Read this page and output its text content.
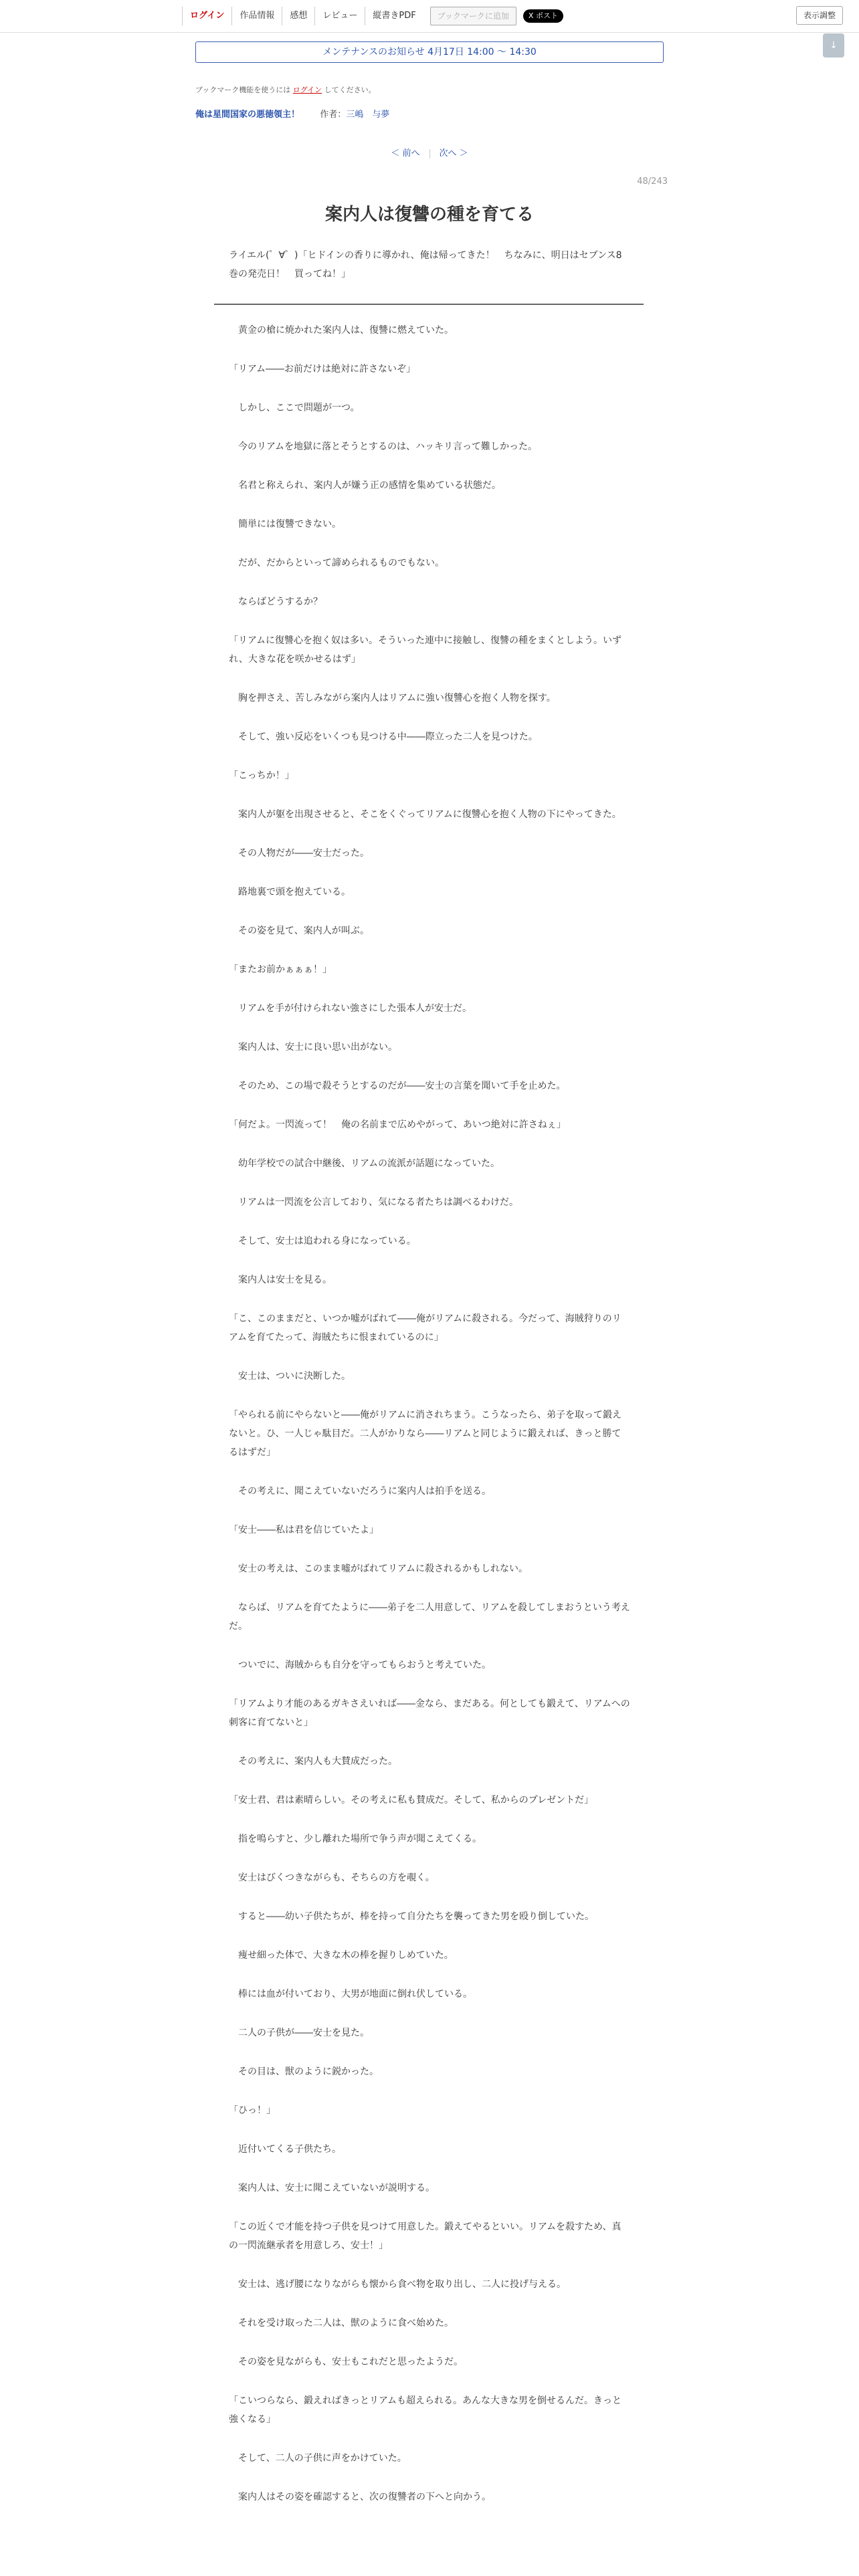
ログイン	作品情報	感想	レビュー	縦書きPDF	ブックマークに追加	X ポスト	表示調整
↓
メンテナンスのお知らせ 4月17日 14:00 〜 14:30
ブックマーク機能を使うには ログイン してください。
俺は星間国家の悪徳領主！ 作者：三嶋　与夢
＜ 前へ 次へ ＞
48/243
案内人は復讐の種を育てる
ライエル(゜∀゜)「ヒドインの香りに導かれ、俺は帰ってきた！　ちなみに、明日はセブンス8巻の発売日！　買ってね！」

黄金の槍に焼かれた案内人は、復讐に燃えていた。

「リアム――お前だけは絶対に許さないぞ」

しかし、ここで問題が一つ。

今のリアムを地獄に落とそうとするのは、ハッキリ言って難しかった。

名君と称えられ、案内人が嫌う正の感情を集めている状態だ。

簡単には復讐できない。

だが、だからといって諦められるものでもない。

ならばどうするか？

「リアムに復讐心を抱く奴は多い。そういった連中に接触し、復讐の種をまくとしよう。いずれ、大きな花を咲かせるはず」

胸を押さえ、苦しみながら案内人はリアムに強い復讐心を抱く人物を探す。

そして、強い反応をいくつも見つける中――際立った二人を見つけた。

「こっちか！」

案内人が躯を出現させると、そこをくぐってリアムに復讐心を抱く人物の下にやってきた。

その人物だが――安士だった。

路地裏で頭を抱えている。

その姿を見て、案内人が叫ぶ。

「またお前かぁぁぁ！」

リアムを手が付けられない強さにした張本人が安士だ。

案内人は、安士に良い思い出がない。

そのため、この場で殺そうとするのだが――安士の言葉を聞いて手を止めた。

「何だよ。一閃流って！　俺の名前まで広めやがって、あいつ絶対に許さねぇ」

幼年学校での試合中継後、リアムの流派が話題になっていた。

リアムは一閃流を公言しており、気になる者たちは調べるわけだ。

そして、安士は追われる身になっている。

案内人は安士を見る。

「こ、このままだと、いつか嘘がばれて――俺がリアムに殺される。今だって、海賊狩りのリアムを育てたって、海賊たちに恨まれているのに」

安士は、ついに決断した。

「やられる前にやらないと――俺がリアムに消されちまう。こうなったら、弟子を取って鍛えないと。ひ、一人じゃ駄目だ。二人がかりなら――リアムと同じように鍛えれば、きっと勝てるはずだ」

その考えに、聞こえていないだろうに案内人は拍手を送る。

「安士――私は君を信じていたよ」

安士の考えは、このまま嘘がばれてリアムに殺されるかもしれない。

ならば、リアムを育てたように――弟子を二人用意して、リアムを殺してしまおうという考えだ。

ついでに、海賊からも自分を守ってもらおうと考えていた。

「リアムより才能のあるガキさえいれば――金なら、まだある。何としても鍛えて、リアムへの刺客に育てないと」

その考えに、案内人も大賛成だった。

「安士君、君は素晴らしい。その考えに私も賛成だ。そして、私からのプレゼントだ」

指を鳴らすと、少し離れた場所で争う声が聞こえてくる。

安士はびくつきながらも、そちらの方を覗く。

すると――幼い子供たちが、棒を持って自分たちを襲ってきた男を殴り倒していた。

痩せ細った体で、大きな木の棒を握りしめていた。

棒には血が付いており、大男が地面に倒れ伏している。

二人の子供が――安士を見た。

その目は、獣のように鋭かった。

「ひっ！」

近付いてくる子供たち。

案内人は、安士に聞こえていないが説明する。

「この近くで才能を持つ子供を見つけて用意した。鍛えてやるといい。リアムを殺すため、真の一閃流継承者を用意しろ、安士！」

安士は、逃げ腰になりながらも懐から食べ物を取り出し、二人に投げ与える。

それを受け取った二人は、獣のように食べ始めた。

その姿を見ながらも、安士もこれだと思ったようだ。

「こいつらなら、鍛えればきっとリアムも超えられる。あんな大きな男を倒せるんだ。きっと強くなる」

そして、二人の子供に声をかけていた。

案内人はその姿を確認すると、次の復讐者の下へと向かう。
